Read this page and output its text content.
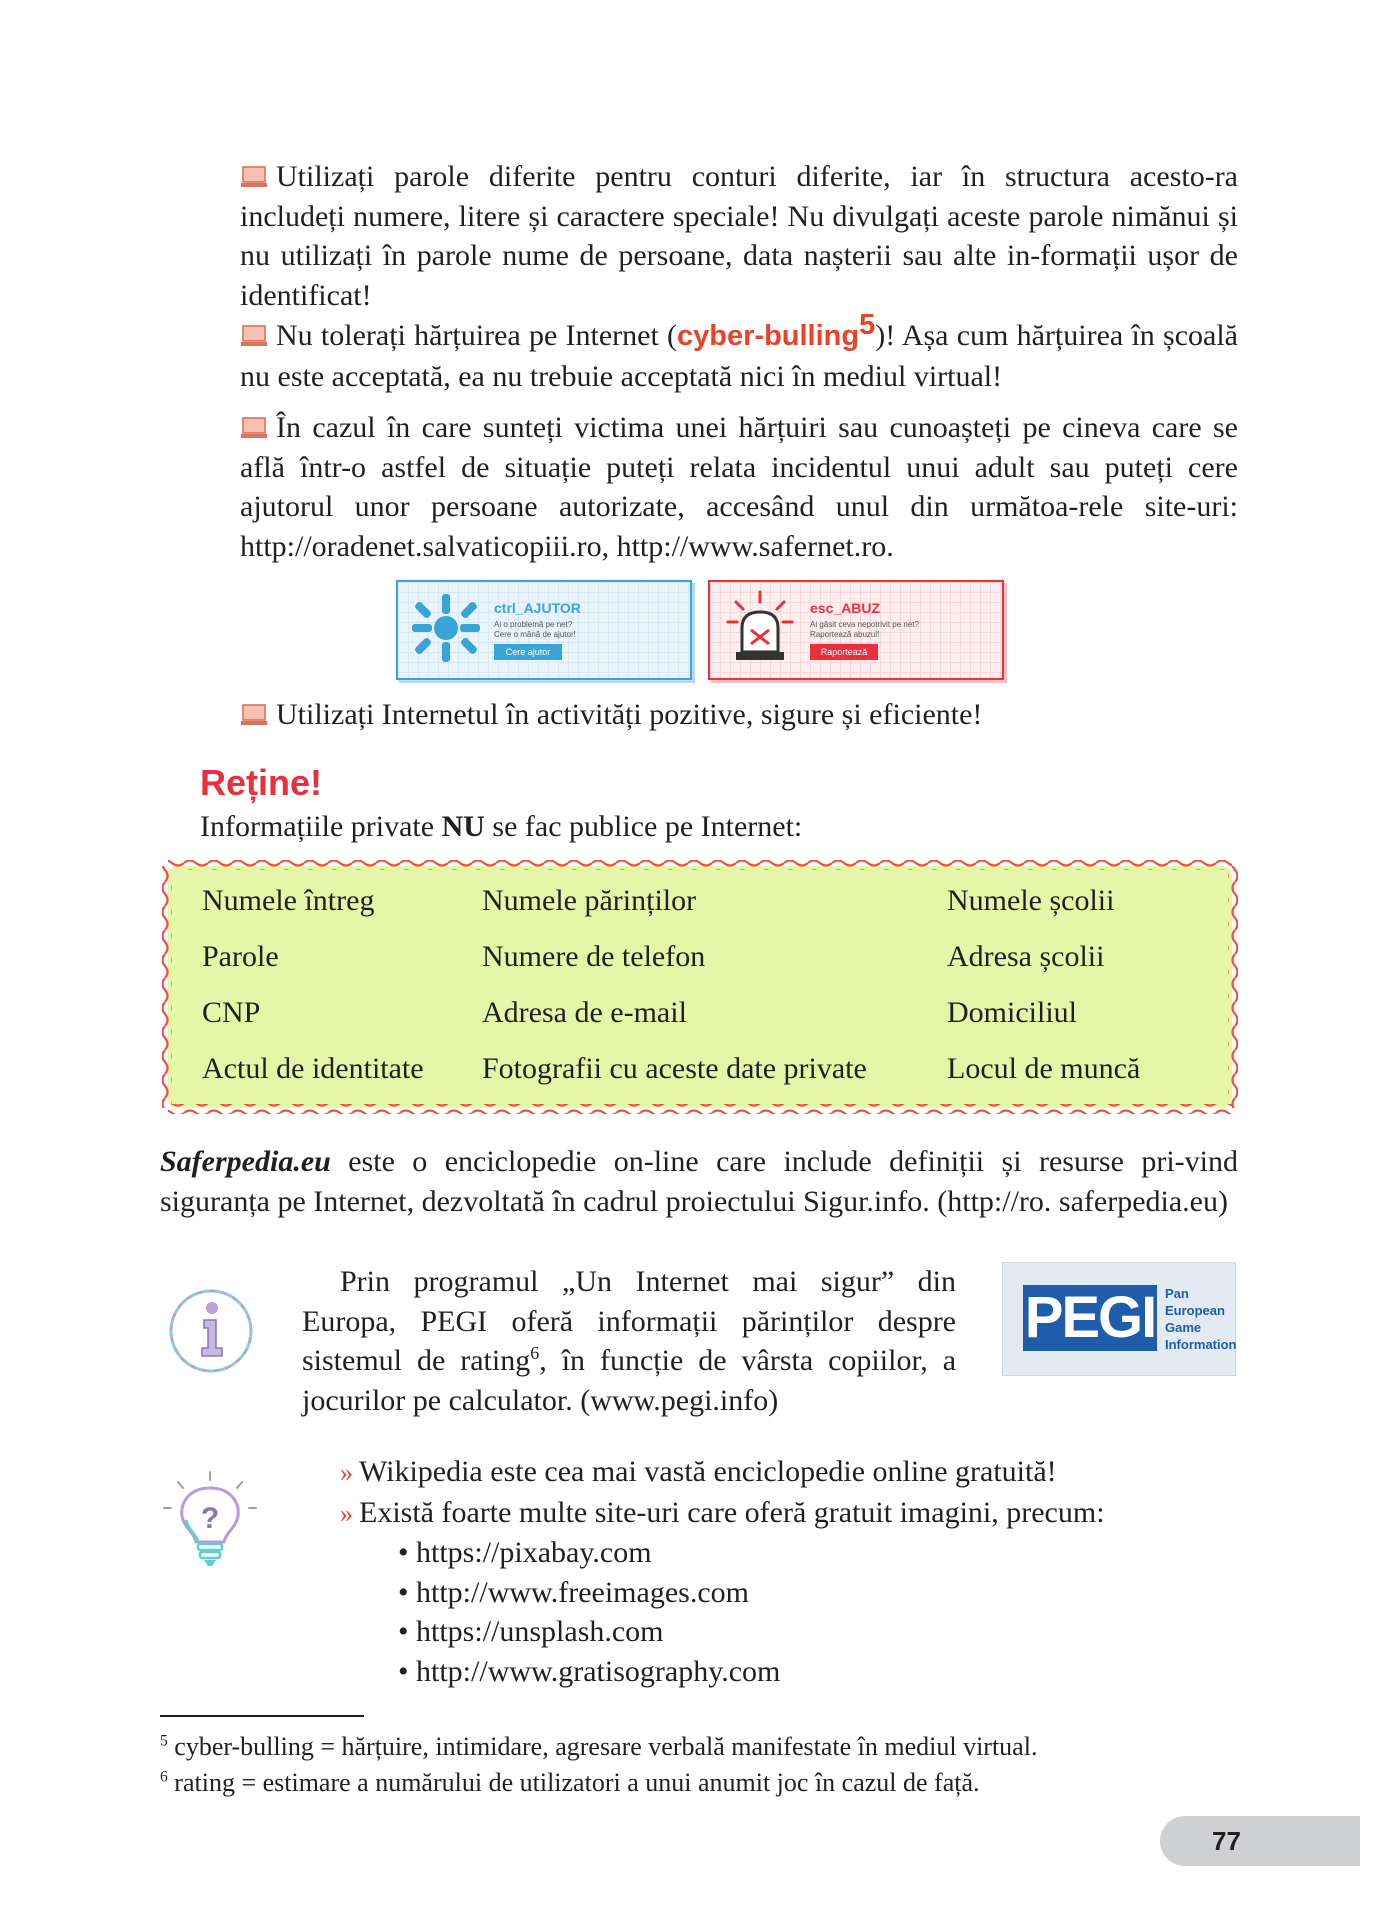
Utilizați parole diferite pentru conturi diferite, iar în structura acesto-ra includeți numere, litere și caractere speciale! Nu divulgați aceste parole nimănui și nu utilizați în parole nume de persoane, data nașterii sau alte in-formații ușor de identificat!
Nu tolerați hărțuirea pe Internet (cyber-bulling$^5$)! Așa cum hărțuirea în școală nu este acceptată, ea nu trebuie acceptată nici în mediul virtual!
În cazul în care sunteți victima unei hărțuiri sau cunoașteți pe cineva care se află într-o astfel de situație puteți relata incidentul unui adult sau puteți cere ajutorul unor persoane autorizate, accesând unul din următoa-rele site-uri: http://oradenet.salvaticopiii.ro, http://www.safernet.ro.
ctrl_AJUTOR
Ai o problemă pe net?
Cere o mână de ajutor!
Cere ajutor
esc_ABUZ
Ai găsit ceva nepotrivit pe net?
Raportează abuzul!
Raportează
Utilizați Internetul în activități pozitive, sigure și eficiente!
Reține!
Informațiile private NU se fac publice pe Internet:
Numele întreg	Numele părinților	Numele școlii
Parole	Numere de telefon	Adresa școlii
CNP	Adresa de e-mail	Domiciliul
Actul de identitate	Fotografii cu aceste date private	Locul de muncă
Saferpedia.eu este o enciclopedie on-line care include definiții și resurse pri-vind siguranța pe Internet, dezvoltată în cadrul proiectului Sigur.info. (http://ro. saferpedia.eu)
Prin programul „Un Internet mai sigur” din Europa, PEGI oferă informații părinților despre sistemul de rating$^6$, în funcție de vârsta copiilor, a jocurilor pe calculator. (www.pegi.info)
PEGI Pan
European
Game
Information
?
» Wikipedia este cea mai vastă enciclopedie online gratuită!
» Există foarte multe site-uri care oferă gratuit imagini, precum:
• https://pixabay.com
• http://www.freeimages.com
• https://unsplash.com
• http://www.gratisography.com
$^5$ cyber-bulling = hărțuire, intimidare, agresare verbală manifestate în mediul virtual.
$^6$ rating = estimare a numărului de utilizatori a unui anumit joc în cazul de față.
77
